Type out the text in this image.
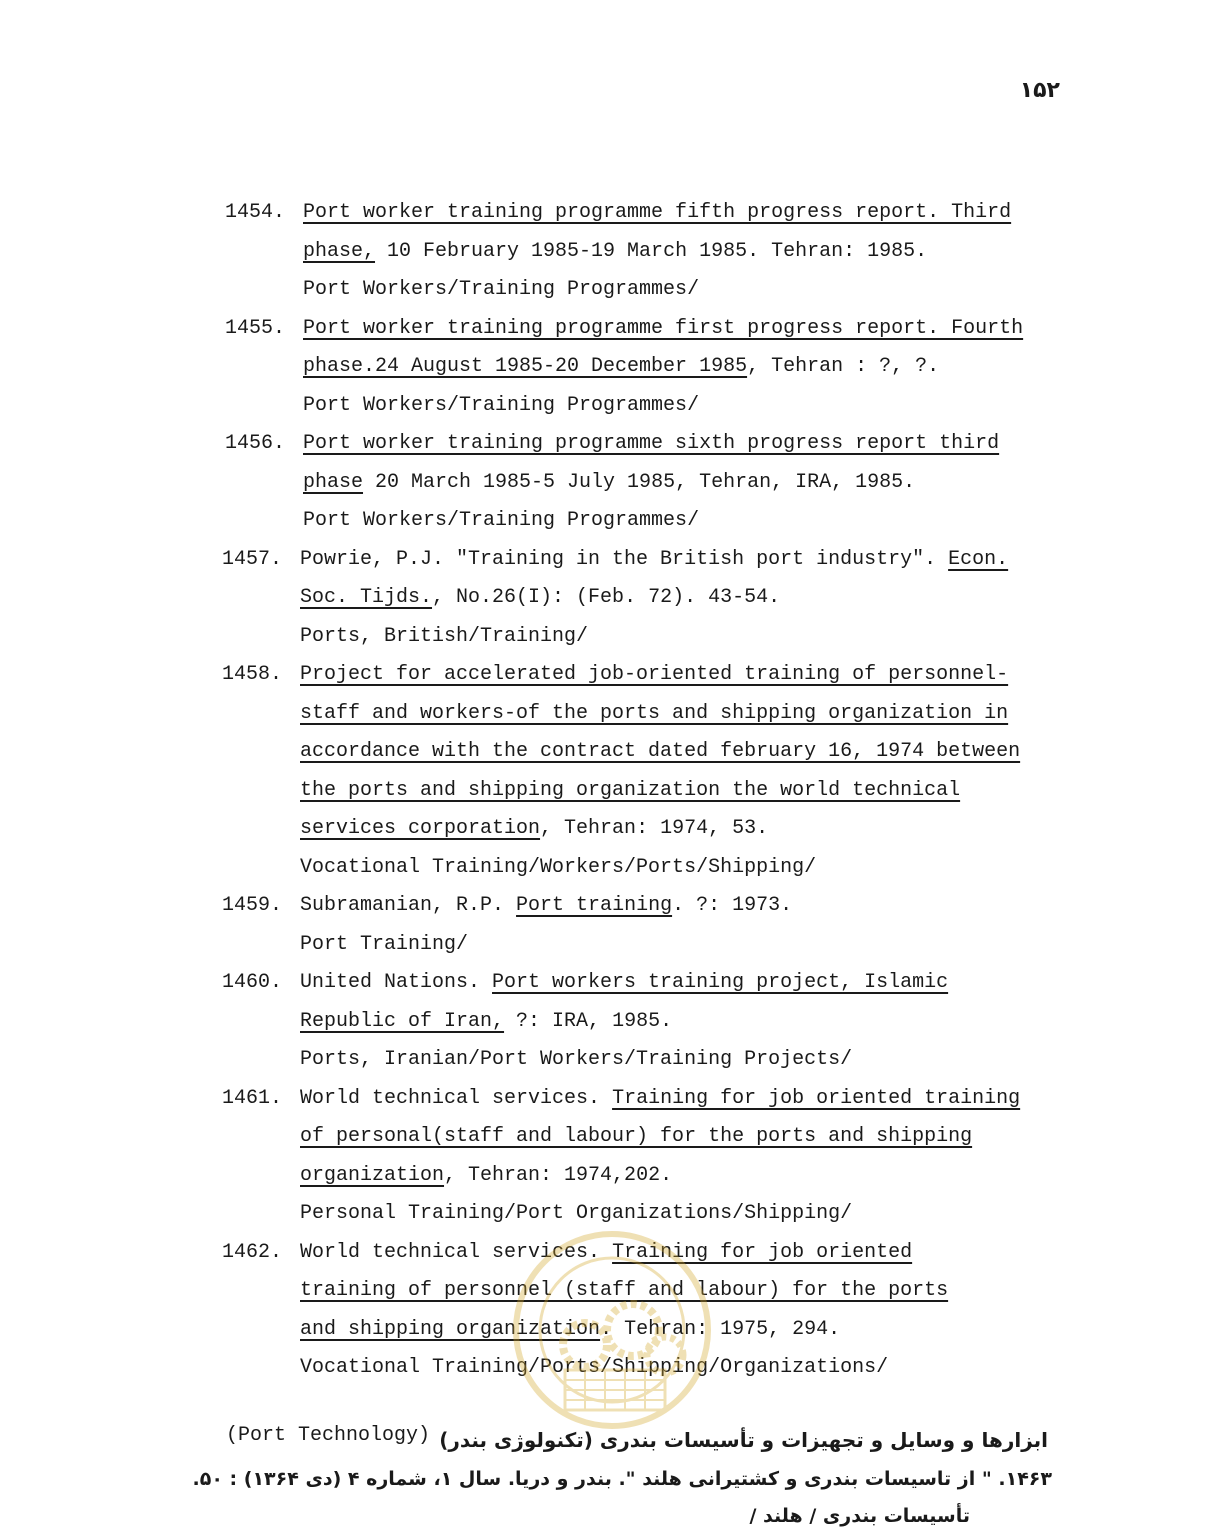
۱۵۲
1454. Port worker training programme fifth progress report. Third
phase, 10 February 1985-19 March 1985. Tehran: 1985.
Port Workers/Training Programmes/
1455. Port worker training programme first progress report. Fourth
phase.24 August 1985-20 December 1985, Tehran : ?, ?.
Port Workers/Training Programmes/
1456. Port worker training programme sixth progress report third
phase 20 March 1985-5 July 1985, Tehran, IRA, 1985.
Port Workers/Training Programmes/
1457. Powrie, P.J. "Training in the British port industry". Econ.
Soc. Tijds., No.26(I): (Feb. 72). 43-54.
Ports, British/Training/
1458. Project for accelerated job-oriented training of personnel-
staff and workers-of the ports and shipping organization in
accordance with the contract dated february 16, 1974 between
the ports and shipping organization the world technical
services corporation, Tehran: 1974, 53.
Vocational Training/Workers/Ports/Shipping/
1459. Subramanian, R.P. Port training. ?: 1973.
Port Training/
1460. United Nations. Port workers training project, Islamic
Republic of Iran, ?: IRA, 1985.
Ports, Iranian/Port Workers/Training Projects/
1461. World technical services. Training for job oriented training
of personal(staff and labour) for the ports and shipping
organization, Tehran: 1974,202.
Personal Training/Port Organizations/Shipping/
1462. World technical services. Training for job oriented
training of personnel (staff and labour) for the ports
and shipping organization. Tehran: 1975, 294.
Vocational Training/Ports/Shipping/Organizations/
(Port Technology) ابزارها و وسایل و تجهیزات و تأسیسات بندری (تکنولوژی بندر)
۱۴۶۳. " از تاسیسات بندری و کشتیرانی هلند ". بندر و دریا. سال ۱، شماره ۴ (دی ۱۳۶۴) : ۵۰.
تأسیسات بندری / هلند /
